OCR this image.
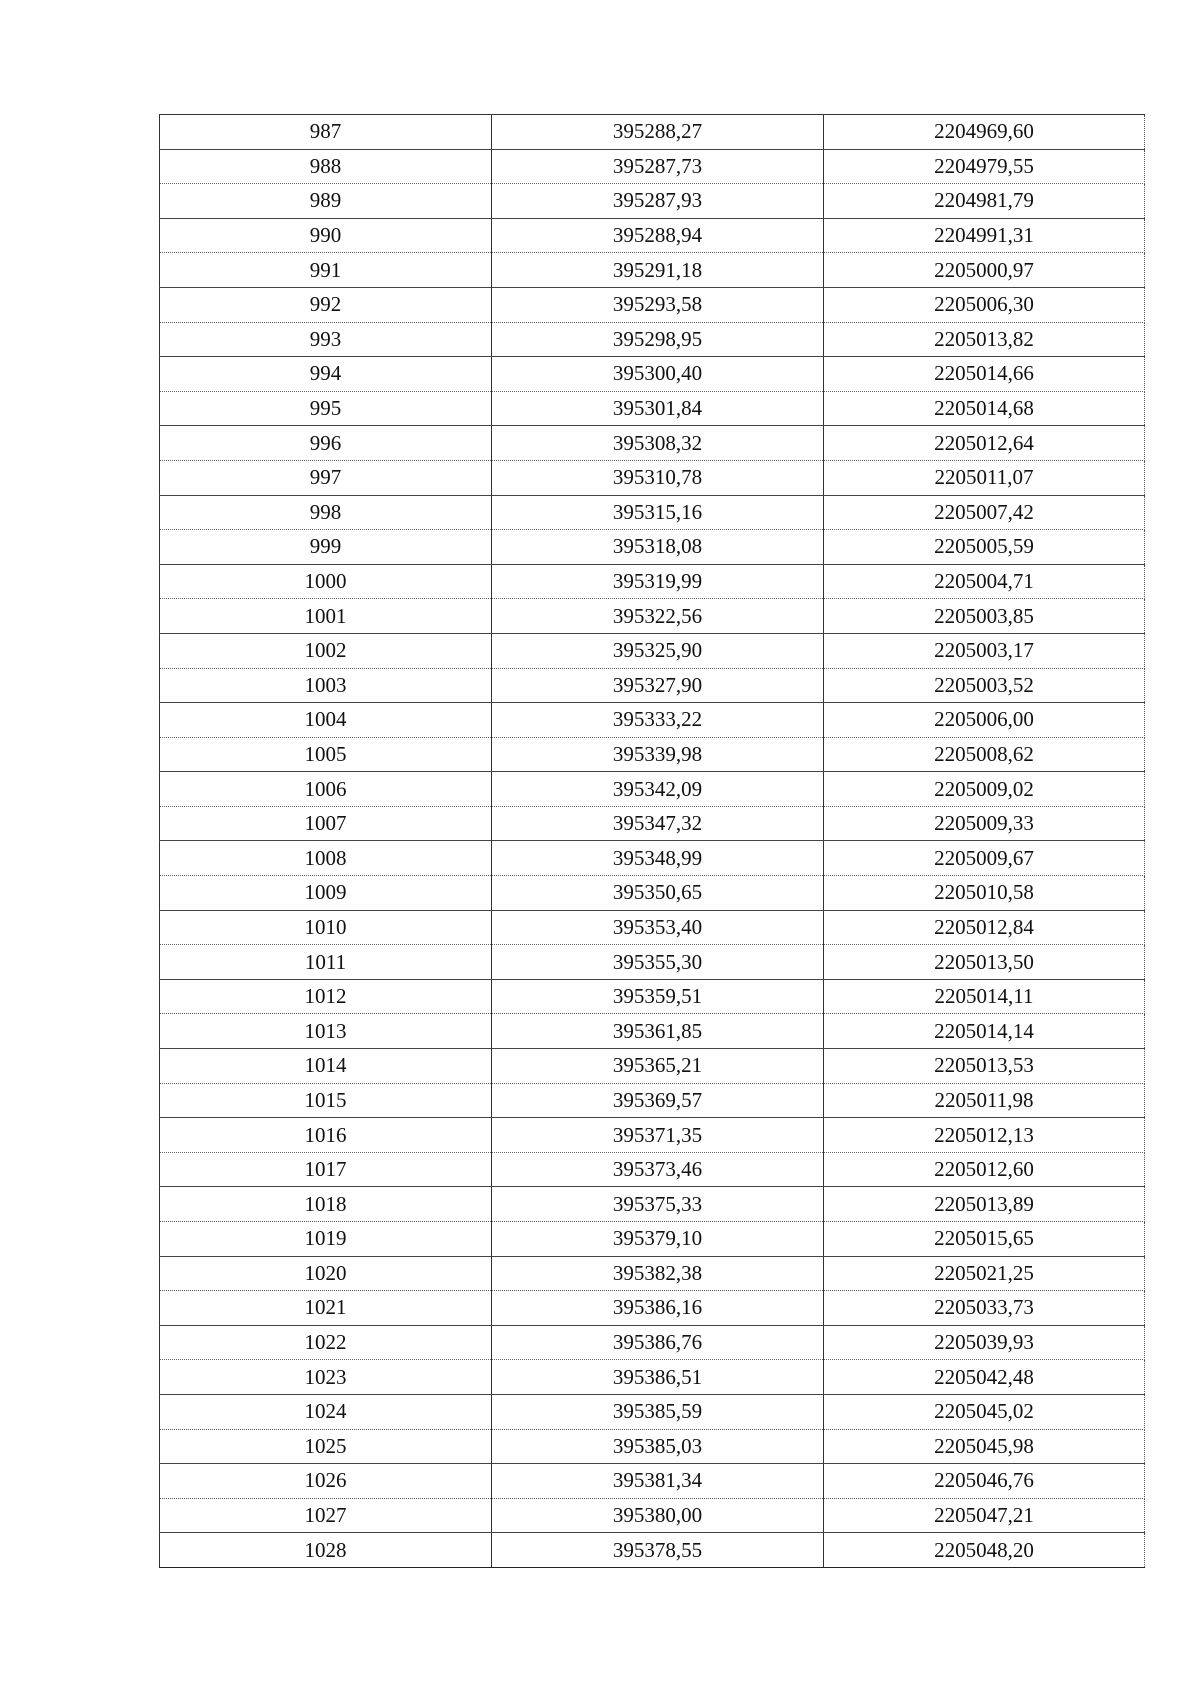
987	395288,27	2204969,60
988	395287,73	2204979,55
989	395287,93	2204981,79
990	395288,94	2204991,31
991	395291,18	2205000,97
992	395293,58	2205006,30
993	395298,95	2205013,82
994	395300,40	2205014,66
995	395301,84	2205014,68
996	395308,32	2205012,64
997	395310,78	2205011,07
998	395315,16	2205007,42
999	395318,08	2205005,59
1000	395319,99	2205004,71
1001	395322,56	2205003,85
1002	395325,90	2205003,17
1003	395327,90	2205003,52
1004	395333,22	2205006,00
1005	395339,98	2205008,62
1006	395342,09	2205009,02
1007	395347,32	2205009,33
1008	395348,99	2205009,67
1009	395350,65	2205010,58
1010	395353,40	2205012,84
1011	395355,30	2205013,50
1012	395359,51	2205014,11
1013	395361,85	2205014,14
1014	395365,21	2205013,53
1015	395369,57	2205011,98
1016	395371,35	2205012,13
1017	395373,46	2205012,60
1018	395375,33	2205013,89
1019	395379,10	2205015,65
1020	395382,38	2205021,25
1021	395386,16	2205033,73
1022	395386,76	2205039,93
1023	395386,51	2205042,48
1024	395385,59	2205045,02
1025	395385,03	2205045,98
1026	395381,34	2205046,76
1027	395380,00	2205047,21
1028	395378,55	2205048,20
